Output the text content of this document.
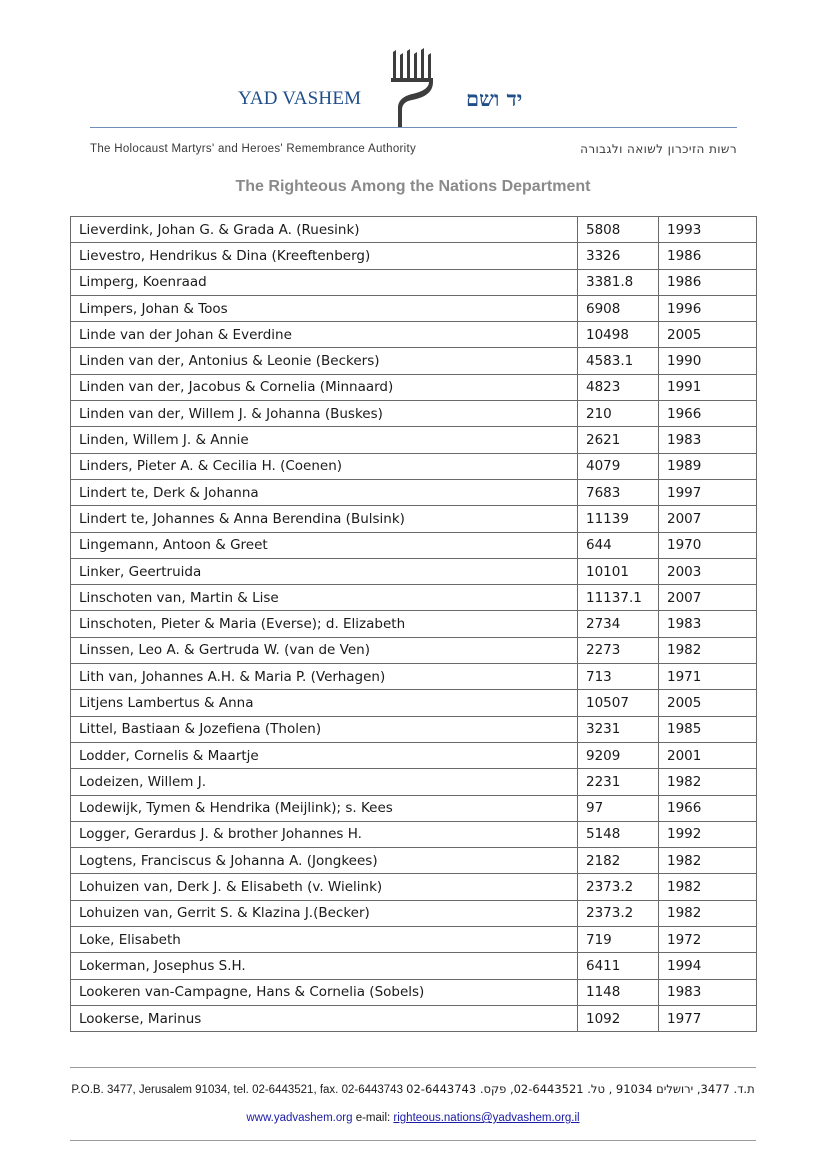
YAD VASHEM	יד ושם
The Holocaust Martyrs' and Heroes' Remembrance Authority	רשות הזיכרון לשואה ולגבורה
The Righteous Among the Nations Department
Lieverdink, Johan G. & Grada A. (Ruesink)	5808	1993
Lievestro, Hendrikus & Dina (Kreeftenberg)	3326	1986
Limperg, Koenraad	3381.8	1986
Limpers, Johan & Toos	6908	1996
Linde van der Johan & Everdine	10498	2005
Linden van der, Antonius & Leonie (Beckers)	4583.1	1990
Linden van der, Jacobus & Cornelia (Minnaard)	4823	1991
Linden van der, Willem J. & Johanna (Buskes)	210	1966
Linden, Willem J. & Annie	2621	1983
Linders, Pieter A. & Cecilia H. (Coenen)	4079	1989
Lindert te, Derk & Johanna	7683	1997
Lindert te, Johannes & Anna Berendina (Bulsink)	11139	2007
Lingemann, Antoon & Greet	644	1970
Linker, Geertruida	10101	2003
Linschoten van, Martin & Lise	11137.1	2007
Linschoten, Pieter & Maria (Everse); d. Elizabeth	2734	1983
Linssen, Leo A. & Gertruda W. (van de Ven)	2273	1982
Lith van, Johannes A.H. & Maria P. (Verhagen)	713	1971
Litjens Lambertus & Anna	10507	2005
Littel, Bastiaan & Jozefiena (Tholen)	3231	1985
Lodder, Cornelis & Maartje	9209	2001
Lodeizen, Willem J.	2231	1982
Lodewijk, Tymen & Hendrika (Meijlink); s. Kees	97	1966
Logger, Gerardus J. & brother Johannes H.	5148	1992
Logtens, Franciscus & Johanna A. (Jongkees)	2182	1982
Lohuizen van, Derk J. & Elisabeth (v. Wielink)	2373.2	1982
Lohuizen van, Gerrit S. & Klazina J.(Becker)	2373.2	1982
Loke, Elisabeth	719	1972
Lokerman, Josephus S.H.	6411	1994
Lookeren van-Campagne, Hans & Cornelia (Sobels)	1148	1983
Lookerse, Marinus	1092	1977
P.O.B. 3477, Jerusalem 91034, tel. 02-6443521, fax. 02-6443743 ת.ד. 3477, ירושלים 91034 , טל. 02-6443521, פקס. 02-6443743
www.yadvashem.org e-mail: righteous.nations@yadvashem.org.il
